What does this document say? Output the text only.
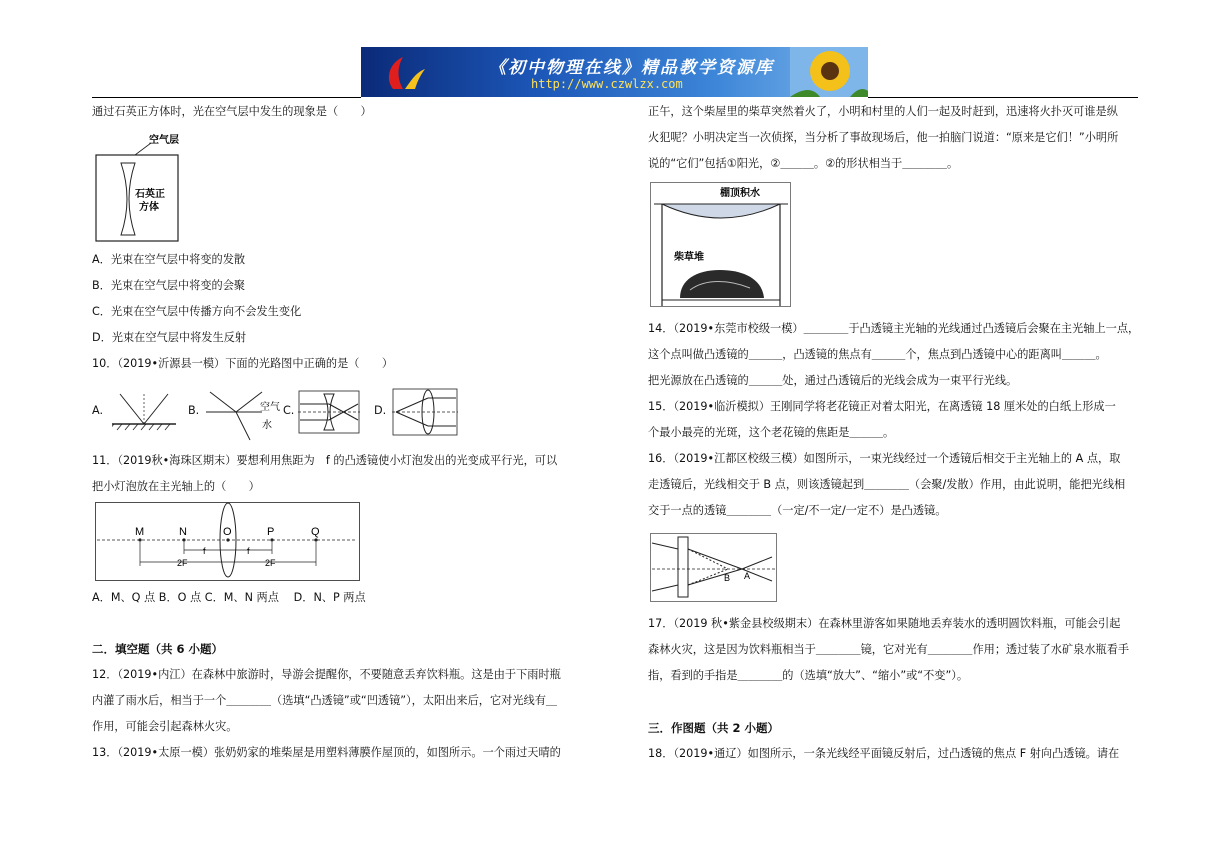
《初中物理在线》精品教学资源库
http://www.czwlzx.com

通过石英正方体时，光在空气层中发生的现象是（　　）

空气层
石英正
方体

A．光束在空气层中将变的发散

B．光束在空气层中将变的会聚

C．光束在空气层中传播方向不会发生变化

D．光束在空气层中将发生反射

10．（2019•沂源县一模）下面的光路图中正确的是（　　）

A.	B.	空气
水
C.	D.

11．（2019秋•海珠区期末）要想利用焦距为　f 的凸透镜使小灯泡发出的光变成平行光，可以

把小灯泡放在主光轴上的（　　）

M	N	O	P	Q
f	f
2F	2F

A．M、Q 点 B．O 点 C．M、N 两点　 D．N、P 两点

二．填空题（共 6 小题）

12．（2019•内江）在森林中旅游时，导游会提醒你，不要随意丢弃饮料瓶。这是由于下雨时瓶

内灌了雨水后，相当于一个＿＿＿＿（选填“凸透镜”或“凹透镜”），太阳出来后，它对光线有＿

作用，可能会引起森林火灾。

13．（2019•太原一模）张奶奶家的堆柴屋是用塑料薄膜作屋顶的，如图所示。一个雨过天晴的

正午，这个柴屋里的柴草突然着火了，小明和村里的人们一起及时赶到，迅速将火扑灭可谁是纵

火犯呢？小明决定当一次侦探，当分析了事故现场后，他一拍脑门说道：“原来是它们！”小明所

说的“它们”包括①阳光，②＿＿＿。②的形状相当于＿＿＿＿。

棚顶积水
柴草堆

14．（2019•东莞市校级一模）＿＿＿＿于凸透镜主光轴的光线通过凸透镜后会聚在主光轴上一点，

这个点叫做凸透镜的＿＿＿，凸透镜的焦点有＿＿＿个，焦点到凸透镜中心的距离叫＿＿＿。

把光源放在凸透镜的＿＿＿处，通过凸透镜后的光线会成为一束平行光线。

15．（2019•临沂模拟）王刚同学将老花镜正对着太阳光，在离透镜 18 厘米处的白纸上形成一

个最小最亮的光斑，这个老花镜的焦距是＿＿＿。

16．（2019•江都区校级三模）如图所示，一束光线经过一个透镜后相交于主光轴上的 A 点，取

走透镜后，光线相交于 B 点，则该透镜起到＿＿＿＿（会聚/发散）作用，由此说明，能把光线相

交于一点的透镜＿＿＿＿（一定/不一定/一定不）是凸透镜。

A
B

17．（2019 秋•紫金县校级期末）在森林里游客如果随地丢弃装水的透明圆饮料瓶，可能会引起

森林火灾，这是因为饮料瓶相当于＿＿＿＿镜，它对光有＿＿＿＿作用；透过装了水矿泉水瓶看手

指，看到的手指是＿＿＿＿的（选填“放大”、“缩小”或“不变”）。

三．作图题（共 2 小题）

18．（2019•通辽）如图所示，一条光线经平面镜反射后，过凸透镜的焦点 F 射向凸透镜。请在
